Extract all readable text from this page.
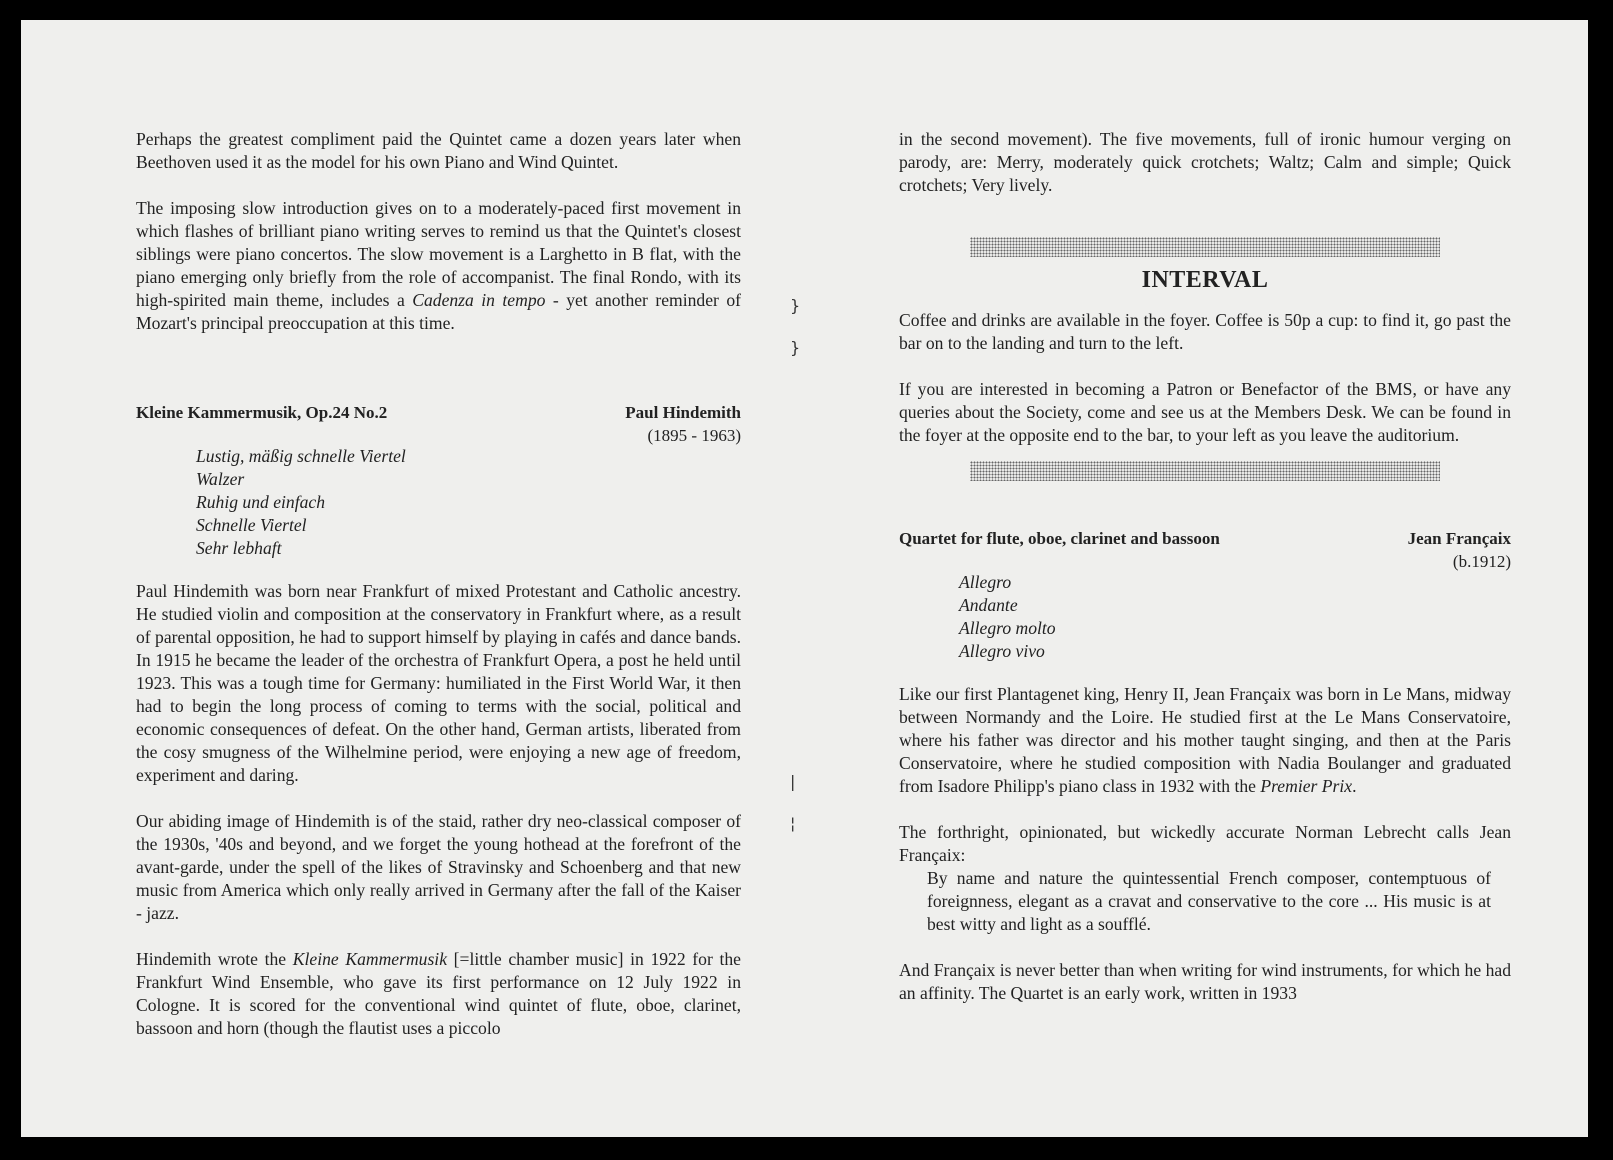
}
}
|
¦

Perhaps the greatest compliment paid the Quintet came a dozen years later when Beethoven used it as the model for his own Piano and Wind Quintet.

The imposing slow introduction gives on to a moderately-paced first movement in which flashes of brilliant piano writing serves to remind us that the Quintet's closest siblings were piano concertos. The slow movement is a Larghetto in B flat, with the piano emerging only briefly from the role of accompanist. The final Rondo, with its high-spirited main theme, includes a Cadenza in tempo - yet another reminder of Mozart's principal preoccupation at this time.

Kleine Kammermusik, Op.24 No.2	Paul Hindemith
(1895 - 1963)
Lustig, mäßig schnelle Viertel
Walzer
Ruhig und einfach
Schnelle Viertel
Sehr lebhaft

Paul Hindemith was born near Frankfurt of mixed Protestant and Catholic ancestry. He studied violin and composition at the conservatory in Frankfurt where, as a result of parental opposition, he had to support himself by playing in cafés and dance bands. In 1915 he became the leader of the orchestra of Frankfurt Opera, a post he held until 1923. This was a tough time for Germany: humiliated in the First World War, it then had to begin the long process of coming to terms with the social, political and economic consequences of defeat. On the other hand, German artists, liberated from the cosy smugness of the Wilhelmine period, were enjoying a new age of freedom, experiment and daring.

Our abiding image of Hindemith is of the staid, rather dry neo-classical composer of the 1930s, '40s and beyond, and we forget the young hothead at the forefront of the avant-garde, under the spell of the likes of Stravinsky and Schoenberg and that new music from America which only really arrived in Germany after the fall of the Kaiser - jazz.

Hindemith wrote the Kleine Kammermusik [=little chamber music] in 1922 for the Frankfurt Wind Ensemble, who gave its first performance on 12 July 1922 in Cologne. It is scored for the conventional wind quintet of flute, oboe, clarinet, bassoon and horn (though the flautist uses a piccolo

in the second movement). The five movements, full of ironic humour verging on parody, are: Merry, moderately quick crotchets; Waltz; Calm and simple; Quick crotchets; Very lively.

INTERVAL

Coffee and drinks are available in the foyer. Coffee is 50p a cup: to find it, go past the bar on to the landing and turn to the left.

If you are interested in becoming a Patron or Benefactor of the BMS, or have any queries about the Society, come and see us at the Members Desk. We can be found in the foyer at the opposite end to the bar, to your left as you leave the auditorium.

Quartet for flute, oboe, clarinet and bassoon	Jean Françaix
(b.1912)
Allegro
Andante
Allegro molto
Allegro vivo

Like our first Plantagenet king, Henry II, Jean Françaix was born in Le Mans, midway between Normandy and the Loire. He studied first at the Le Mans Conservatoire, where his father was director and his mother taught singing, and then at the Paris Conservatoire, where he studied composition with Nadia Boulanger and graduated from Isadore Philipp's piano class in 1932 with the Premier Prix.

The forthright, opinionated, but wickedly accurate Norman Lebrecht calls Jean Françaix:

By name and nature the quintessential French composer, contemptuous of foreignness, elegant as a cravat and conservative to the core ... His music is at best witty and light as a soufflé.

And Françaix is never better than when writing for wind instruments, for which he had an affinity. The Quartet is an early work, written in 1933
